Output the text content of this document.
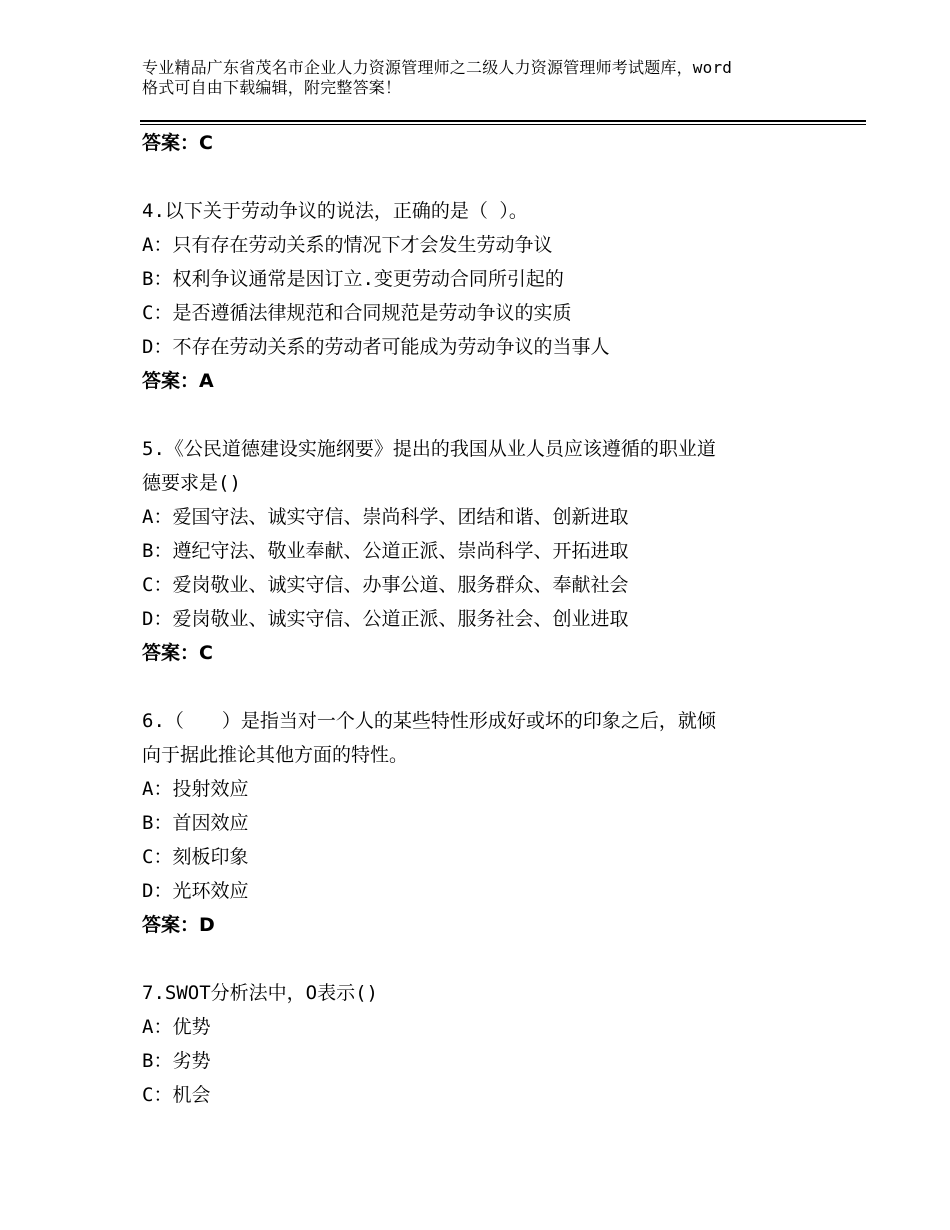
专业精品广东省茂名市企业人力资源管理师之二级人力资源管理师考试题库，word
格式可自由下载编辑，附完整答案！
答案：C
4.以下关于劳动争议的说法，正确的是（ ）。
A：只有存在劳动关系的情况下才会发生劳动争议
B：权利争议通常是因订立.变更劳动合同所引起的
C：是否遵循法律规范和合同规范是劳动争议的实质
D：不存在劳动关系的劳动者可能成为劳动争议的当事人
答案：A
5.《公民道德建设实施纲要》提出的我国从业人员应该遵循的职业道
德要求是()
A：爱国守法、诚实守信、崇尚科学、团结和谐、创新进取
B：遵纪守法、敬业奉献、公道正派、崇尚科学、开拓进取
C：爱岗敬业、诚实守信、办事公道、服务群众、奉献社会
D：爱岗敬业、诚实守信、公道正派、服务社会、创业进取
答案：C
6.（　　）是指当对一个人的某些特性形成好或坏的印象之后，就倾
向于据此推论其他方面的特性。
A：投射效应
B：首因效应
C：刻板印象
D：光环效应
答案：D
7.SWOT分析法中，O表示()
A：优势
B：劣势
C：机会
